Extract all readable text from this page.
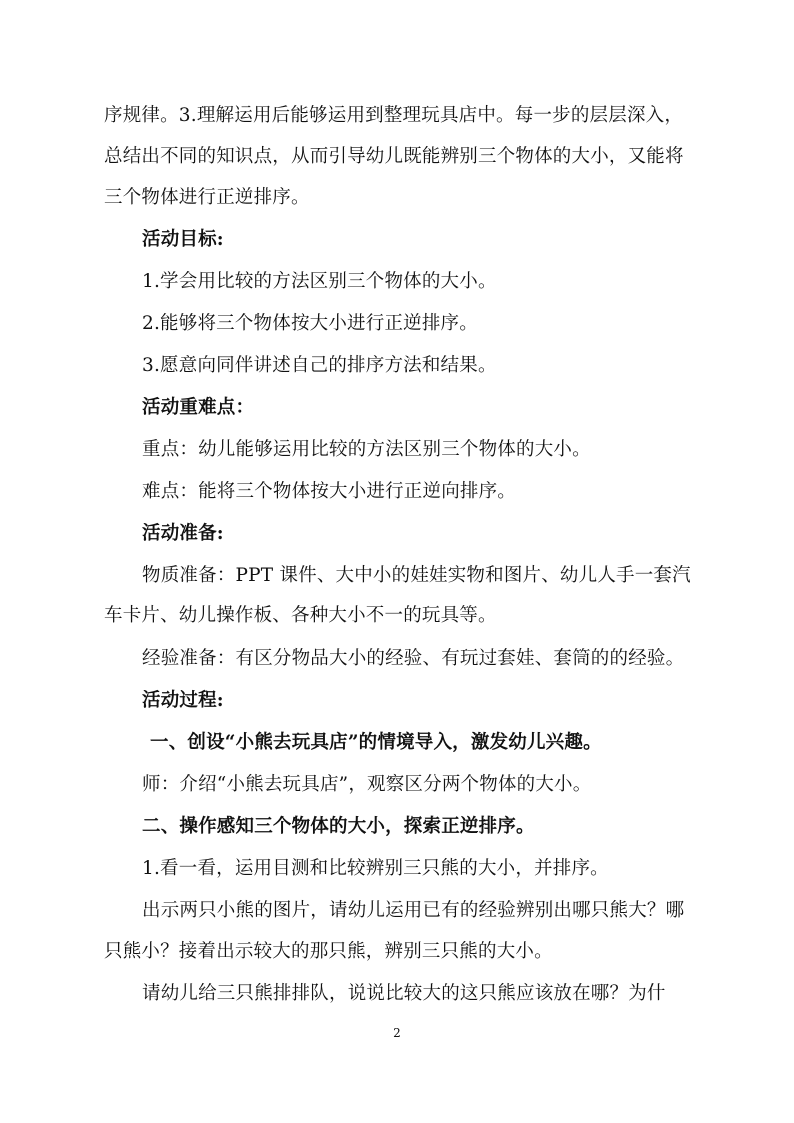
序规律。3.理解运用后能够运用到整理玩具店中。每一步的层层深入，
总结出不同的知识点，从而引导幼儿既能辨别三个物体的大小，又能将
三个物体进行正逆排序。
活动目标:
1.学会用比较的方法区别三个物体的大小。
2.能够将三个物体按大小进行正逆排序。
3.愿意向同伴讲述自己的排序方法和结果。
活动重难点：
重点：幼儿能够运用比较的方法区别三个物体的大小。
难点：能将三个物体按大小进行正逆向排序。
活动准备:
物质准备：PPT 课件、大中小的娃娃实物和图片、幼儿人手一套汽
车卡片、幼儿操作板、各种大小不一的玩具等。
经验准备：有区分物品大小的经验、有玩过套娃、套筒的的经验。
活动过程:
一、创设“小熊去玩具店”的情境导入，激发幼儿兴趣。
师：介绍“小熊去玩具店”，观察区分两个物体的大小。
二、操作感知三个物体的大小，探索正逆排序。
1.看一看，运用目测和比较辨别三只熊的大小，并排序。
出示两只小熊的图片，请幼儿运用已有的经验辨别出哪只熊大？哪
只熊小？接着出示较大的那只熊，辨别三只熊的大小。
请幼儿给三只熊排排队，说说比较大的这只熊应该放在哪？为什
2
